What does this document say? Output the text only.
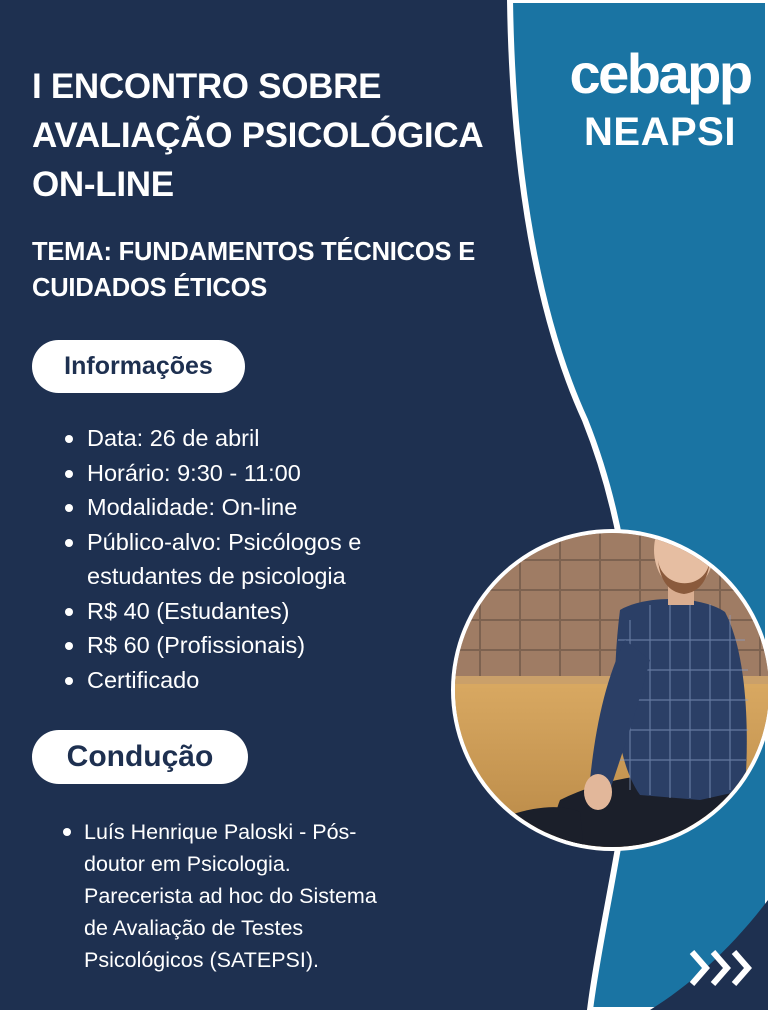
I ENCONTRO SOBRE
AVALIAÇÃO PSICOLÓGICA
ON-LINE
TEMA: FUNDAMENTOS TÉCNICOS E
CUIDADOS ÉTICOS
Informações
Data: 26 de abril
Horário: 9:30 - 11:00
Modalidade: On-line
Público-alvo: Psicólogos e
estudantes de psicologia
R$ 40 (Estudantes)
R$ 60 (Profissionais)
Certificado
Condução
Luís Henrique Paloski - Pós-
doutor em Psicologia.
Parecerista ad hoc do Sistema
de Avaliação de Testes
Psicológicos (SATEPSI).
cebapp
NEAPSI
